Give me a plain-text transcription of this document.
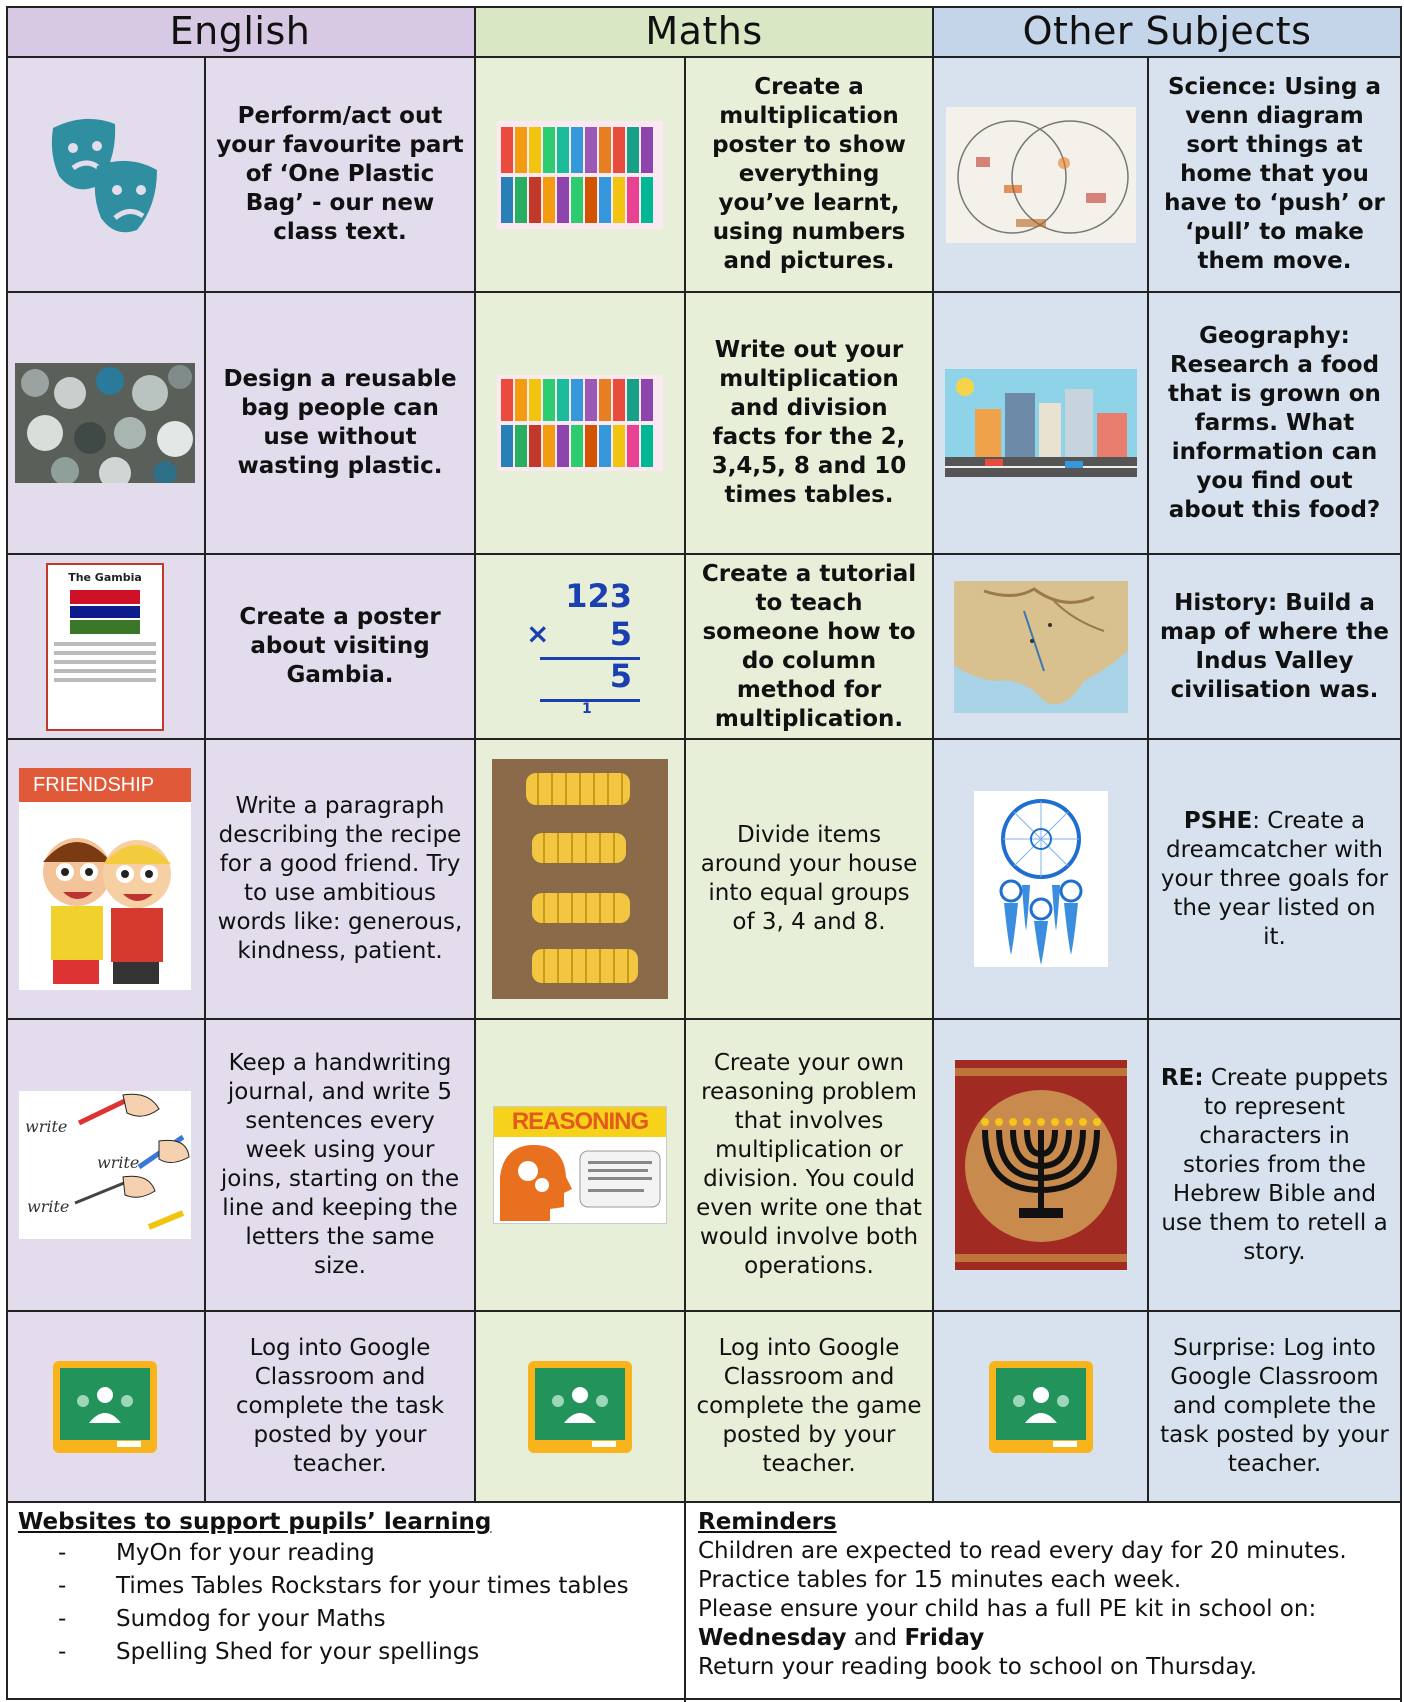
English	Maths	Other Subjects
Perform/act out your favourite part of ‘One Plastic Bag’ - our new class text.
Create a multiplication poster to show everything you’ve learnt, using numbers and pictures.
Science: Using a venn diagram sort things at home that you have to ‘push’ or ‘pull’ to make them move.
Design a reusable bag people can use without wasting plastic.
Write out your multiplication and division facts for the 2, 3,4,5, 8 and 10 times tables.
Geography: Research a food that is grown on farms. What information can you find out about this food?
The Gambia
Create a poster about visiting Gambia.
123
× 5
5
1
Create a tutorial to teach someone how to do column method for multiplication.
History: Build a map of where the Indus Valley civilisation was.
FRIENDSHIP
Write a paragraph describing the recipe for a good friend. Try to use ambitious words like: generous, kindness, patient.
Divide items around your house into equal groups of 3, 4 and 8.
PSHE: Create a dreamcatcher with your three goals for the year listed on it.
write
write
write
Keep a handwriting journal, and write 5 sentences every week using your joins, starting on the line and keeping the letters the same size.
REASONING
Create your own reasoning problem that involves multiplication or division. You could even write one that would involve both operations.
RE: Create puppets to represent characters in stories from the Hebrew Bible and use them to retell a story.
Log into Google Classroom and complete the task posted by your teacher.
Log into Google Classroom and complete the game posted by your teacher.
Surprise: Log into Google Classroom and complete the task posted by your teacher.
Websites to support pupils’ learning
- MyOn for your reading
- Times Tables Rockstars for your times tables
- Sumdog for your Maths
- Spelling Shed for your spellings
Reminders

Children are expected to read every day for 20 minutes.

Practice tables for 15 minutes each week.

Please ensure your child has a full PE kit in school on:

Wednesday and Friday

Return your reading book to school on Thursday.
